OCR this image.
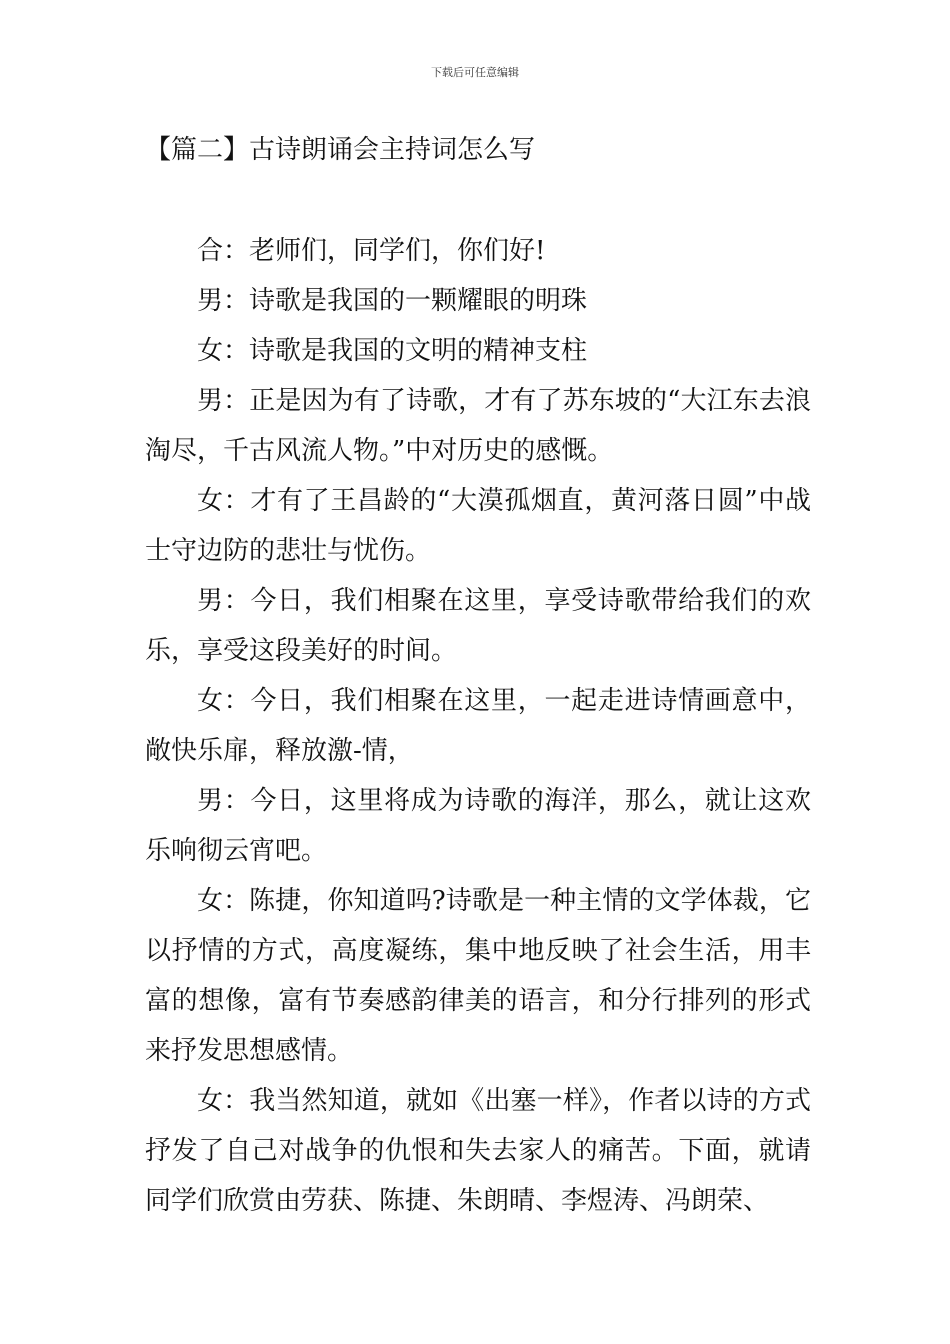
下载后可任意编辑
【篇二】古诗朗诵会主持词怎么写

合：老师们，同学们，你们好!

男：诗歌是我国的一颗耀眼的明珠

女：诗歌是我国的文明的精神支柱

男：正是因为有了诗歌，才有了苏东坡的“大江东去浪淘尽，千古风流人物。”中对历史的感慨。

女：才有了王昌龄的“大漠孤烟直，黄河落日圆”中战士守边防的悲壮与忧伤。

男：今日，我们相聚在这里，享受诗歌带给我们的欢乐，享受这段美好的时间。

女：今日，我们相聚在这里，一起走进诗情画意中，敞快乐扉，释放激-情，

男：今日，这里将成为诗歌的海洋，那么，就让这欢乐响彻云宵吧。

女：陈捷，你知道吗?诗歌是一种主情的文学体裁，它以抒情的方式，高度凝练，集中地反映了社会生活，用丰富的想像，富有节奏感韵律美的语言，和分行排列的形式来抒发思想感情。

女：我当然知道，就如《出塞一样》，作者以诗的方式抒发了自己对战争的仇恨和失去家人的痛苦。下面，就请同学们欣赏由劳获、陈捷、朱朗晴、李煜涛、冯朗荣、
